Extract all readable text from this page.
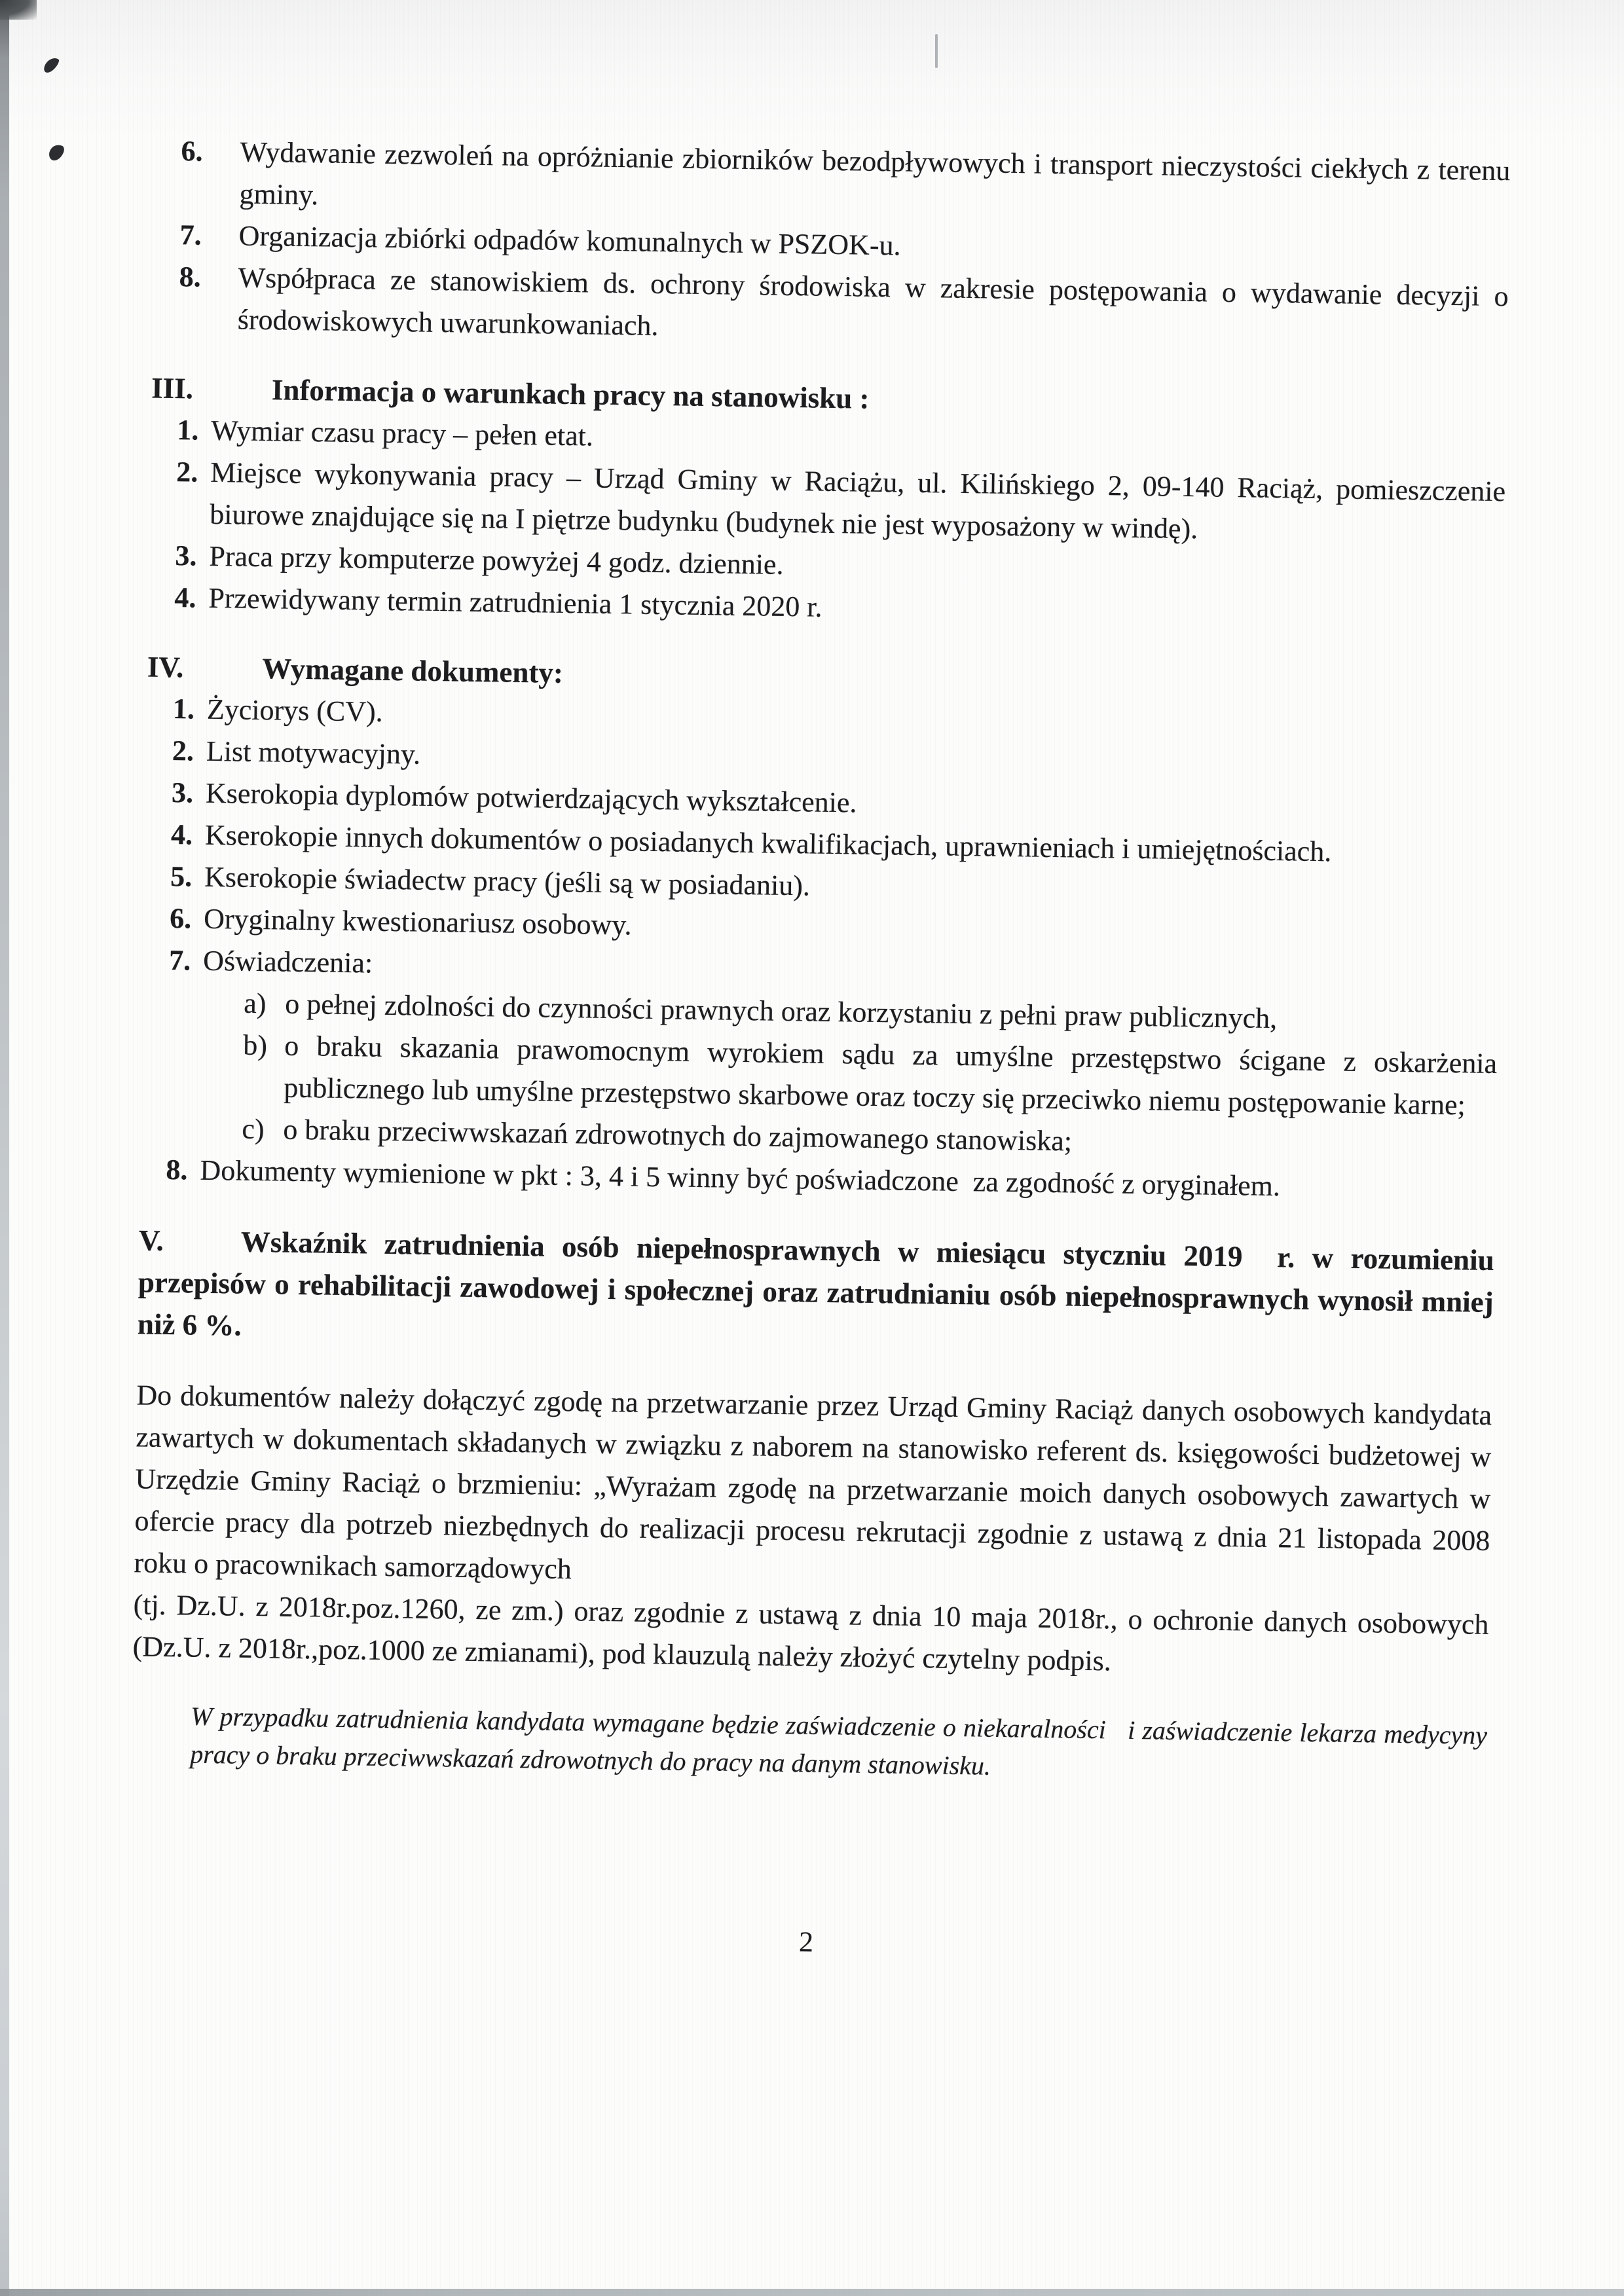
6. Wydawanie zezwoleń na opróżnianie zbiorników bezodpływowych i transport nieczystości ciekłych z terenu gminy.
7. Organizacja zbiórki odpadów komunalnych w PSZOK-u.
8. Współpraca ze stanowiskiem ds. ochrony środowiska w zakresie postępowania o wydawanie decyzji o środowiskowych uwarunkowaniach.

III.	Informacja o warunkach pracy na stanowisku :

1. Wymiar czasu pracy – pełen etat.
2. Miejsce wykonywania pracy – Urząd Gminy w Raciążu, ul. Kilińskiego 2, 09-140 Raciąż, pomieszczenie biurowe znajdujące się na I piętrze budynku (budynek nie jest wyposażony w windę).
3. Praca przy komputerze powyżej 4 godz. dziennie.
4. Przewidywany termin zatrudnienia 1 stycznia 2020 r.

IV.	Wymagane dokumenty:

1. Życiorys (CV).
2. List motywacyjny.
3. Kserokopia dyplomów potwierdzających wykształcenie.
4. Kserokopie innych dokumentów o posiadanych kwalifikacjach, uprawnieniach i umiejętnościach.
5. Kserokopie świadectw pracy (jeśli są w posiadaniu).
6. Oryginalny kwestionariusz osobowy.
7. Oświadczenia:
a) o pełnej zdolności do czynności prawnych oraz korzystaniu z pełni praw publicznych,
b) o braku skazania prawomocnym wyrokiem sądu za umyślne przestępstwo ścigane z oskarżenia publicznego lub umyślne przestępstwo skarbowe oraz toczy się przeciwko niemu postępowanie karne;
c) o braku przeciwwskazań zdrowotnych do zajmowanego stanowiska;
8. Dokumenty wymienione w pkt : 3, 4 i 5 winny być poświadczone  za zgodność z oryginałem.

V.	Wskaźnik zatrudnienia osób niepełnosprawnych w miesiącu styczniu 2019  r. w rozumieniu przepisów o rehabilitacji zawodowej i społecznej oraz zatrudnianiu osób niepełnosprawnych wynosił mniej niż 6 %.

Do dokumentów należy dołączyć zgodę na przetwarzanie przez Urząd Gminy Raciąż danych osobowych kandydata zawartych w dokumentach składanych w związku z naborem na stanowisko referent ds. księgowości budżetowej w Urzędzie Gminy Raciąż o brzmieniu: „Wyrażam zgodę na przetwarzanie moich danych osobowych zawartych w ofercie pracy dla potrzeb niezbędnych do realizacji procesu rekrutacji zgodnie z ustawą z dnia 21 listopada 2008 roku o pracownikach samorządowych

(tj. Dz.U. z 2018r.poz.1260, ze zm.) oraz zgodnie z ustawą z dnia 10 maja 2018r., o ochronie danych osobowych (Dz.U. z 2018r.,poz.1000 ze zmianami), pod klauzulą należy złożyć czytelny podpis.

W przypadku zatrudnienia kandydata wymagane będzie zaświadczenie o niekaralności   i zaświadczenie lekarza medycyny pracy o braku przeciwwskazań zdrowotnych do pracy na danym stanowisku.

2
